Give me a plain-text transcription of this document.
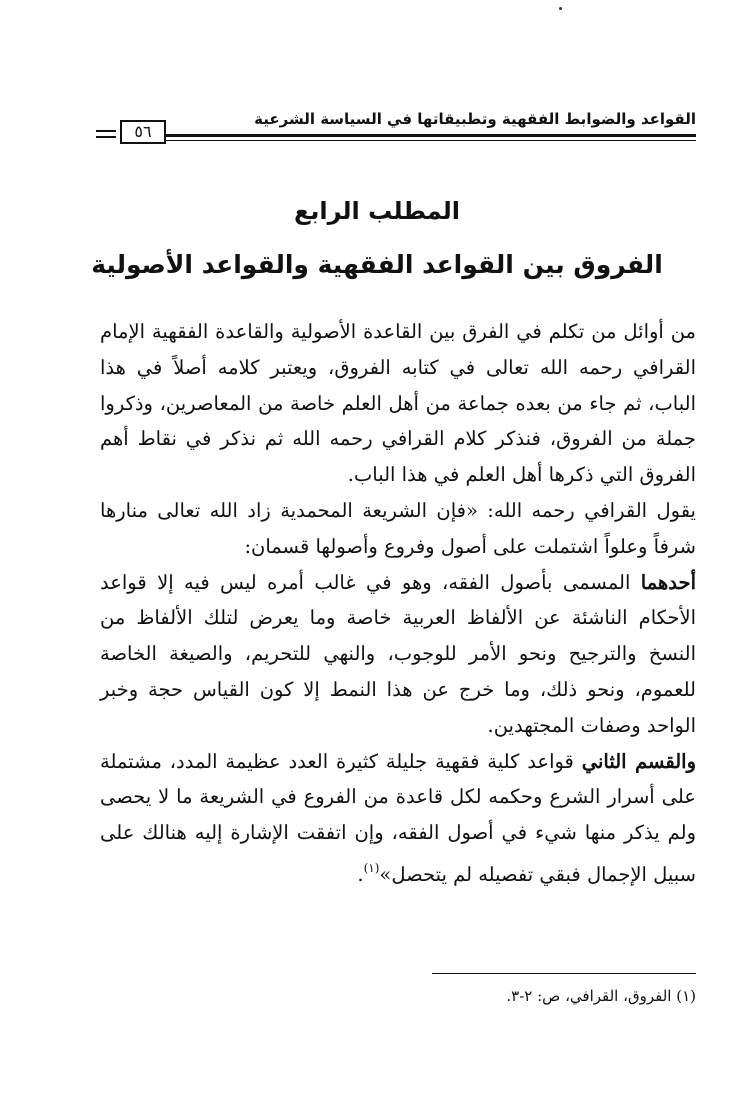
القواعد والضوابط الفقهية وتطبيقاتها في السياسة الشرعية
٥٦
المطلب الرابع
الفروق بين القواعد الفقهية والقواعد الأصولية

من أوائل من تكلم في الفرق بين القاعدة الأصولية والقاعدة الفقهية الإمام القرافي رحمه الله تعالى في كتابه الفروق، ويعتبر كلامه أصلاً في هذا الباب، ثم جاء من بعده جماعة من أهل العلم خاصة من المعاصرين، وذكروا جملة من الفروق، فنذكر كلام القرافي رحمه الله ثم نذكر في نقاط أهم الفروق التي ذكرها أهل العلم في هذا الباب.

يقول القرافي رحمه الله: «فإن الشريعة المحمدية زاد الله تعالى منارها شرفاً وعلواً اشتملت على أصول وفروع وأصولها قسمان:

أحدهما المسمى بأصول الفقه، وهو في غالب أمره ليس فيه إلا قواعد الأحكام الناشئة عن الألفاظ العربية خاصة وما يعرض لتلك الألفاظ من النسخ والترجيح ونحو الأمر للوجوب، والنهي للتحريم، والصيغة الخاصة للعموم، ونحو ذلك، وما خرج عن هذا النمط إلا كون القياس حجة وخبر الواحد وصفات المجتهدين.

والقسم الثاني قواعد كلية فقهية جليلة كثيرة العدد عظيمة المدد، مشتملة على أسرار الشرع وحكمه لكل قاعدة من الفروع في الشريعة ما لا يحصى ولم يذكر منها شيء في أصول الفقه، وإن اتفقت الإشارة إليه هنالك على سبيل الإجمال فبقي تفصيله لم يتحصل»$^{(١)}$.

(١) الفروق، القرافي، ص: ٢-٣.
